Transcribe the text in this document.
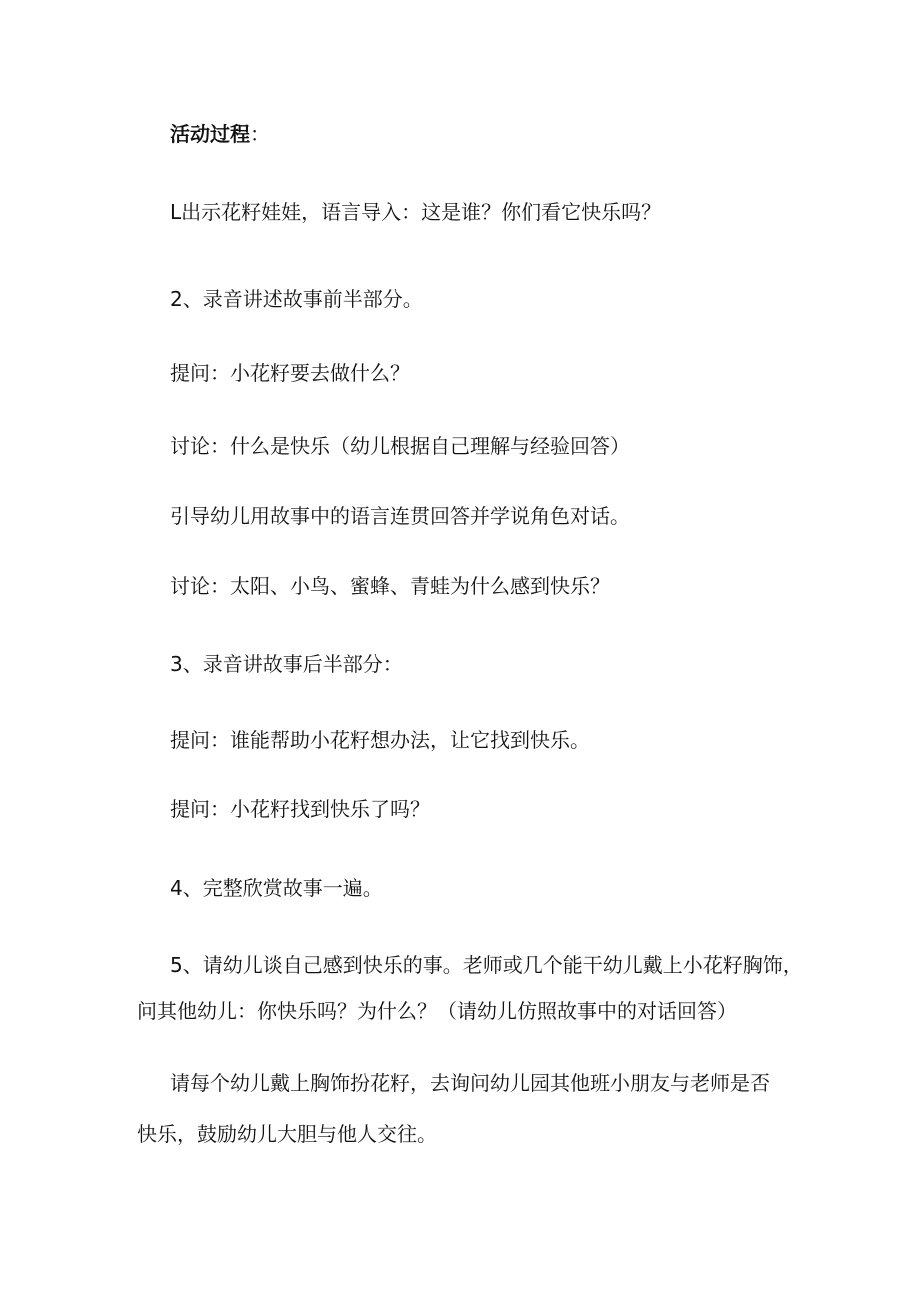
活动过程：

L出示花籽娃娃，语言导入：这是谁？你们看它快乐吗？

2、录音讲述故事前半部分。

提问：小花籽要去做什么？

讨论：什么是快乐（幼儿根据自己理解与经验回答）

引导幼儿用故事中的语言连贯回答并学说角色对话。

讨论：太阳、小鸟、蜜蜂、青蛙为什么感到快乐？

3、录音讲故事后半部分：

提问：谁能帮助小花籽想办法，让它找到快乐。

提问：小花籽找到快乐了吗？

4、完整欣赏故事一遍。

5、请幼儿谈自己感到快乐的事。老师或几个能干幼儿戴上小花籽胸饰，

问其他幼儿：你快乐吗？为什么？（请幼儿仿照故事中的对话回答）

请每个幼儿戴上胸饰扮花籽，去询问幼儿园其他班小朋友与老师是否

快乐，鼓励幼儿大胆与他人交往。
